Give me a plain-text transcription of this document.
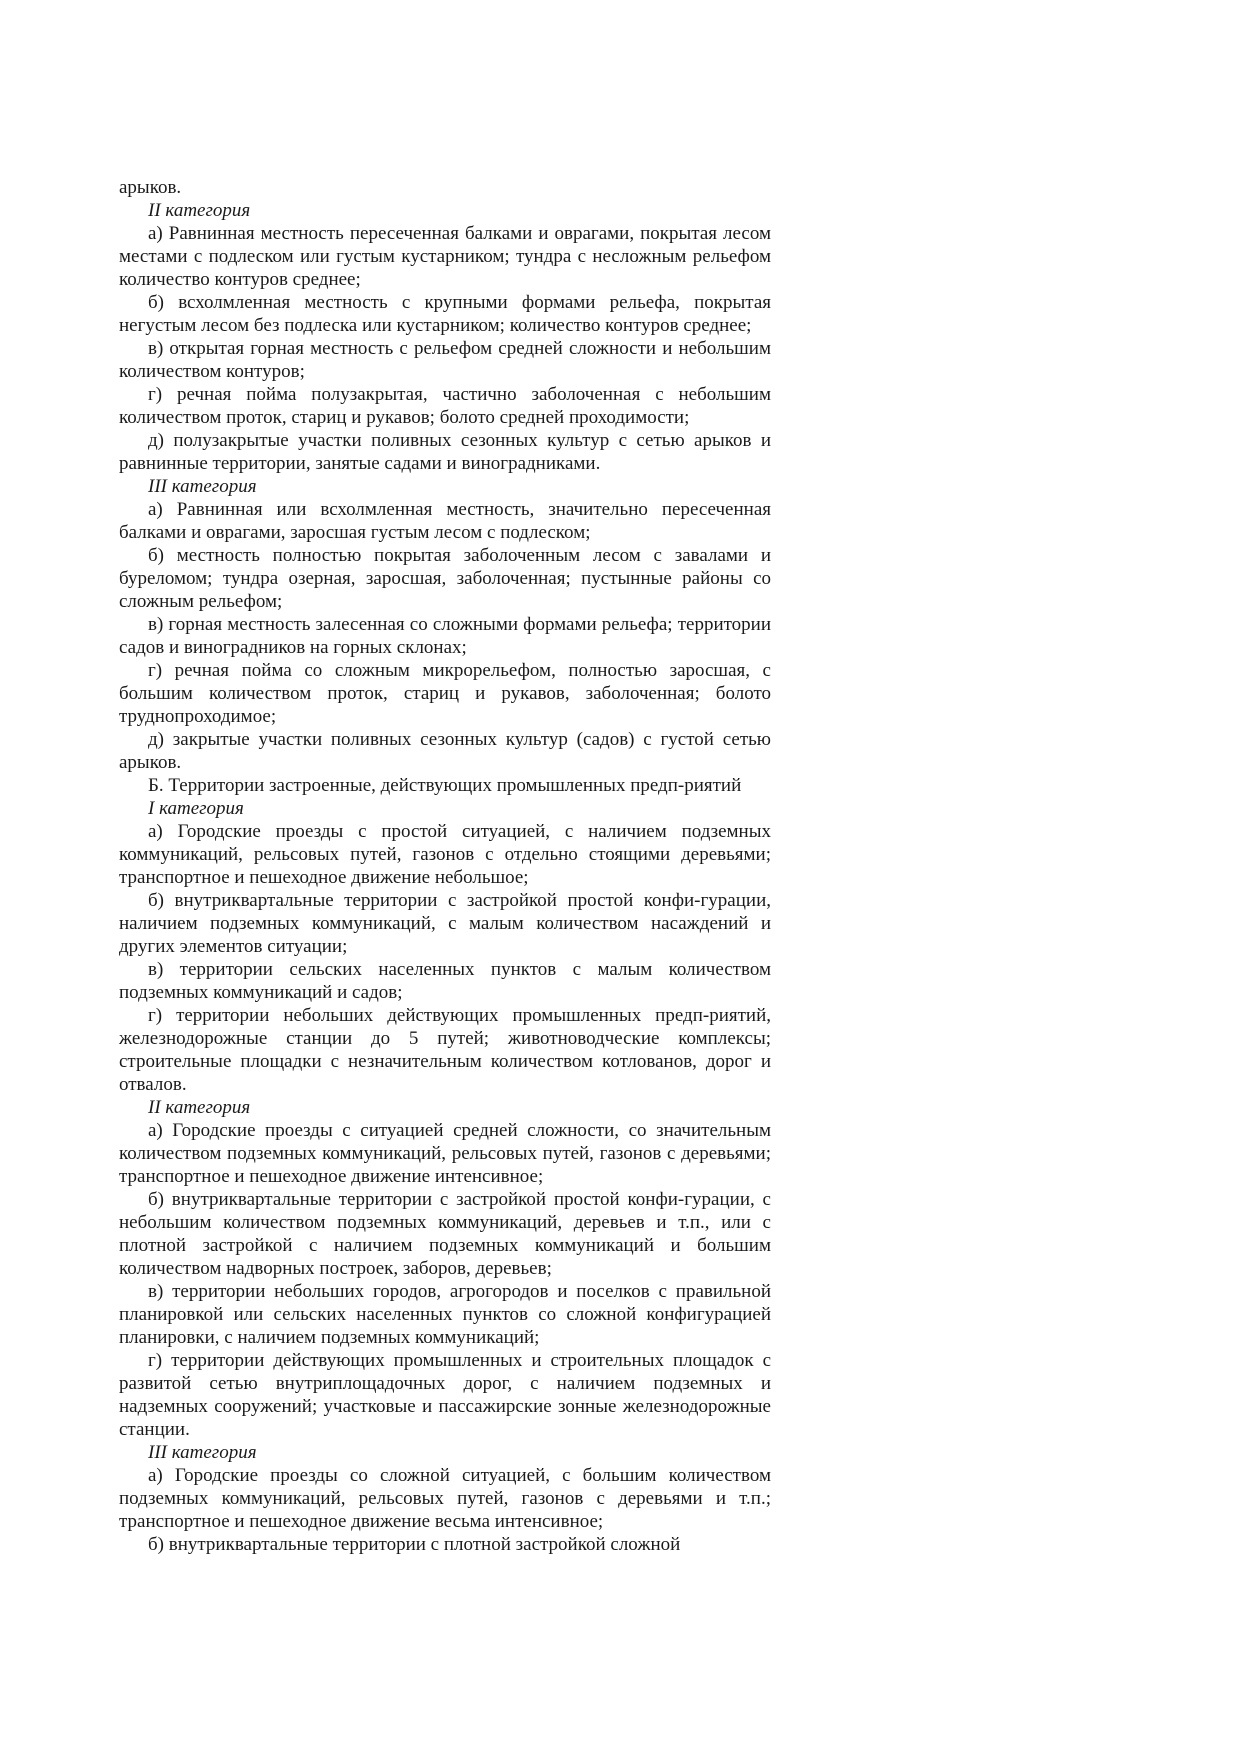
арыков.

II категория

а) Равнинная местность пересеченная балками и оврагами, покрытая лесом местами с подлеском или густым кустарником; тундра с несложным рельефом количество контуров среднее;

б) всхолмленная местность с крупными формами рельефа, покрытая негустым лесом без подлеска или кустарником; количество контуров среднее;

в) открытая горная местность с рельефом средней сложности и небольшим количеством контуров;

г) речная пойма полузакрытая, частично заболоченная с небольшим количеством проток, стариц и рукавов; болото средней проходимости;

д) полузакрытые участки поливных сезонных культур с сетью арыков и равнинные территории, занятые садами и виноградниками.

III категория

а) Равнинная или всхолмленная местность, значительно пересеченная балками и оврагами, заросшая густым лесом с подлеском;

б) местность полностью покрытая заболоченным лесом с завалами и буреломом; тундра озерная, заросшая, заболоченная; пустынные районы со сложным рельефом;

в) горная местность залесенная со сложными формами рельефа; территории садов и виноградников на горных склонах;

г) речная пойма со сложным микрорельефом, полностью заросшая, с большим количеством проток, стариц и рукавов, заболоченная; болото труднопроходимое;

д) закрытые участки поливных сезонных культур (садов) с густой сетью арыков.

Б. Территории застроенные, действующих промышленных предп-риятий

I категория

а) Городские проезды с простой ситуацией, с наличием подземных коммуникаций, рельсовых путей, газонов с отдельно стоящими деревьями; транспортное и пешеходное движение небольшое;

б) внутриквартальные территории с застройкой простой конфи-гурации, наличием подземных коммуникаций, с малым количеством насаждений и других элементов ситуации;

в) территории сельских населенных пунктов с малым количеством подземных коммуникаций и садов;

г) территории небольших действующих промышленных предп-риятий, железнодорожные станции до 5 путей; животноводческие комплексы; строительные площадки с незначительным количеством котлованов, дорог и отвалов.

II категория

а) Городские проезды с ситуацией средней сложности, со значительным количеством подземных коммуникаций, рельсовых путей, газонов с деревьями; транспортное и пешеходное движение интенсивное;

б) внутриквартальные территории с застройкой простой конфи-гурации, с небольшим количеством подземных коммуникаций, деревьев и т.п., или с плотной застройкой с наличием подземных коммуникаций и большим количеством надворных построек, заборов, деревьев;

в) территории небольших городов, агрогородов и поселков с правильной планировкой или сельских населенных пунктов со сложной конфигурацией планировки, с наличием подземных коммуникаций;

г) территории действующих промышленных и строительных площадок с развитой сетью внутриплощадочных дорог, с наличием подземных и надземных сооружений; участковые и пассажирские зонные железнодорожные станции.

III категория

а) Городские проезды со сложной ситуацией, с большим количеством подземных коммуникаций, рельсовых путей, газонов с деревьями и т.п.; транспортное и пешеходное движение весьма интенсивное;

б) внутриквартальные территории с плотной застройкой сложной
